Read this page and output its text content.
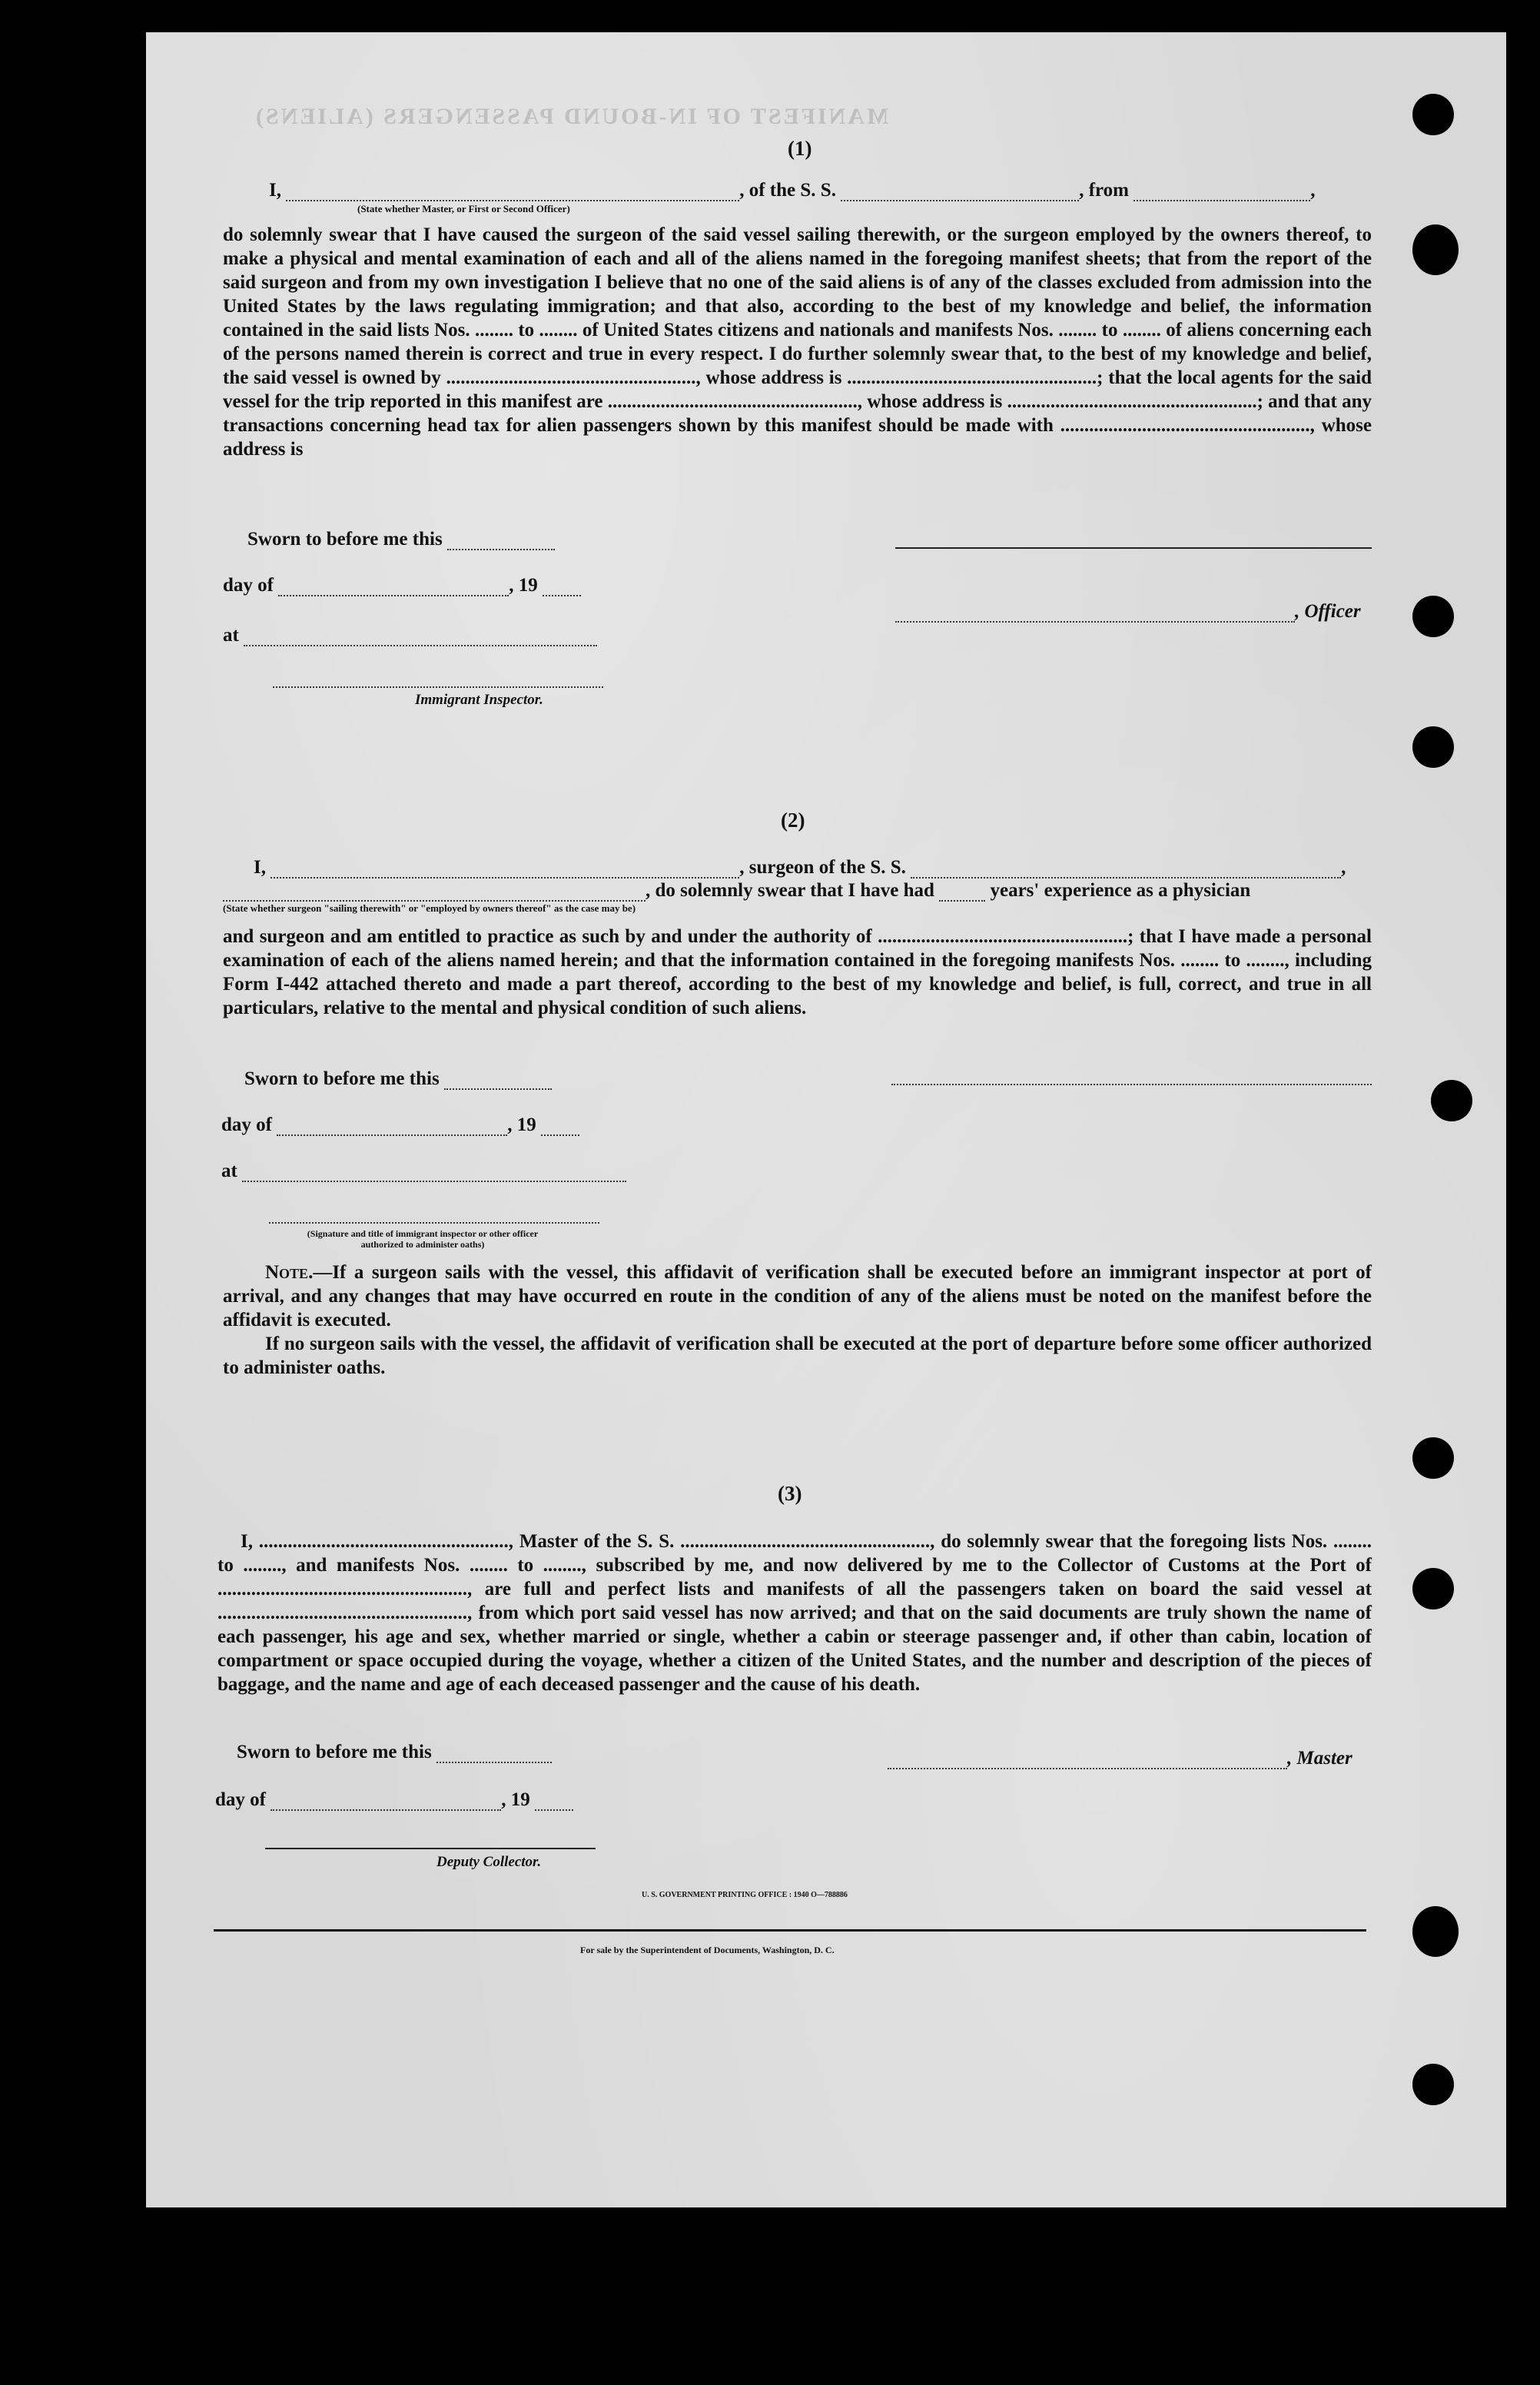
MANIFEST OF IN-BOUND PASSENGERS (ALIENS)
(1)
I,	, of the S. S.	, from	,
(State whether Master, or First or Second Officer)

do solemnly swear that I have caused the surgeon of the said vessel sailing therewith, or the surgeon employed by the owners thereof, to make a physical and mental examination of each and all of the aliens named in the foregoing manifest sheets; that from the report of the said surgeon and from my own investigation I believe that no one of the said aliens is of any of the classes excluded from admission into the United States by the laws regulating immigration; and that also, according to the best of my knowledge and belief, the information contained in the said lists Nos. ........ to ........ of United States citizens and nationals and manifests Nos. ........ to ........ of aliens concerning each of the persons named therein is correct and true in every respect. I do further solemnly swear that, to the best of my knowledge and belief, the said vessel is owned by ...................................................., whose address is ....................................................; that the local agents for the said vessel for the trip reported in this manifest are ...................................................., whose address is ....................................................; and that any transactions concerning head tax for alien passengers shown by this manifest should be made with ...................................................., whose address is

Sworn to before me this
day of	, 19
, Officer
at
Immigrant Inspector.
(2)
I,	, surgeon of the S. S.	,
, do solemnly swear that I have had	years' experience as a physician
(State whether surgeon "sailing therewith" or "employed by owners thereof" as the case may be)

and surgeon and am entitled to practice as such by and under the authority of ....................................................; that I have made a personal examination of each of the aliens named herein; and that the information contained in the foregoing manifests Nos. ........ to ........, including Form I-442 attached thereto and made a part thereof, according to the best of my knowledge and belief, is full, correct, and true in all particulars, relative to the mental and physical condition of such aliens.

Sworn to before me this
day of	, 19
at
(Signature and title of immigrant inspector or other officer authorized to administer oaths)

Note.—If a surgeon sails with the vessel, this affidavit of verification shall be executed before an immigrant inspector at port of arrival, and any changes that may have occurred en route in the condition of any of the aliens must be noted on the manifest before the affidavit is executed.

If no surgeon sails with the vessel, the affidavit of verification shall be executed at the port of departure before some officer authorized to administer oaths.

(3)

I, ...................................................., Master of the S. S. ...................................................., do solemnly swear that the foregoing lists Nos. ........ to ........, and manifests Nos. ........ to ........, subscribed by me, and now delivered by me to the Collector of Customs at the Port of ...................................................., are full and perfect lists and manifests of all the passengers taken on board the said vessel at ...................................................., from which port said vessel has now arrived; and that on the said documents are truly shown the name of each passenger, his age and sex, whether married or single, whether a cabin or steerage passenger and, if other than cabin, location of compartment or space occupied during the voyage, whether a citizen of the United States, and the number and description of the pieces of baggage, and the name and age of each deceased passenger and the cause of his death.

Sworn to before me this	, Master
day of	, 19
Deputy Collector.
U. S. GOVERNMENT PRINTING OFFICE : 1940 O—788886
For sale by the Superintendent of Documents, Washington, D. C.
